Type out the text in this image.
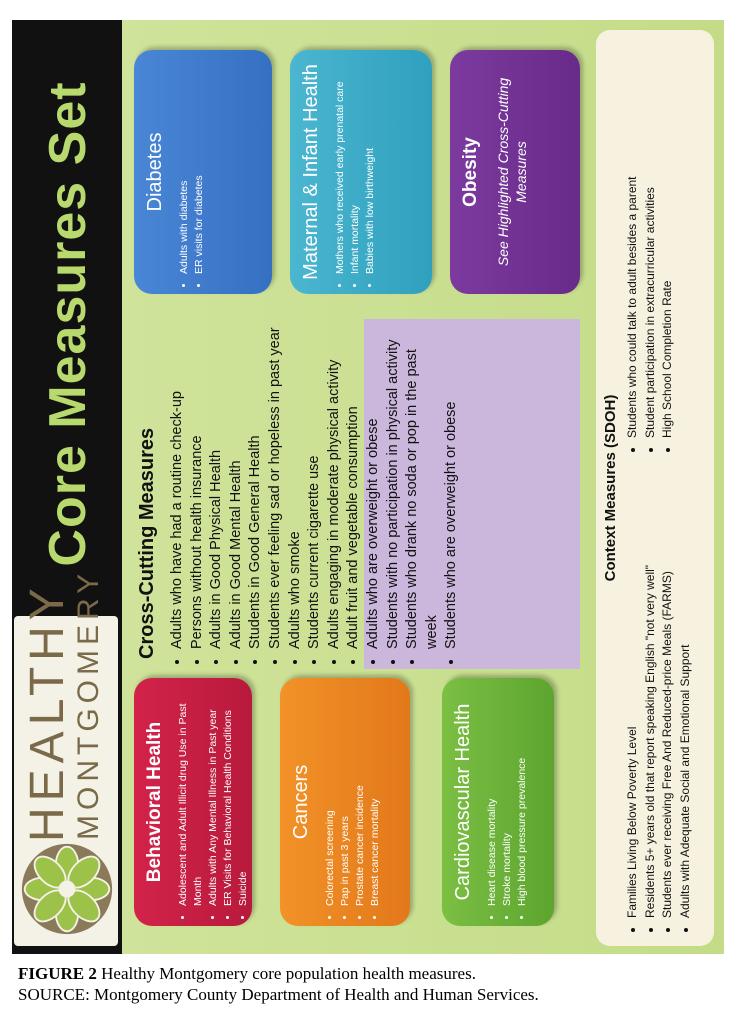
HEALTHY
MONTGOMERY
Core Measures Set
Behavioral Health • Adolescent and Adult Illicit drug Use in Past Month • Adults with Any Mental Illness in Past year • ER Visits for Behavioral Health Conditions • Suicide
Cancers
• Colorectal screening • Pap in past 3 years • Prostate cancer incidence • Breast cancer mortality	Cardiovascular Health • Heart disease mortality • Stroke mortality • High blood pressure prevalence
Cross-Cutting Measures • Adults who have had a routine check-up • Persons without health insurance • Adults in Good Physical Health • Adults in Good Mental Health • Students in Good General Health • Students ever feeling sad or hopeless in past year • Adults who smoke • Students current cigarette use • Adults engaging in moderate physical activity • Adult fruit and vegetable consumption • Adults who are overweight or obese • Students with no participation in physical activity • Students who drank no soda or pop in the past week • Students who are overweight or obese
Diabetes
• Adults with diabetes • ER visits for diabetes	Maternal & Infant Health • Mothers who received early prenatal care • Infant mortality • Babies with low birthweight	Obesity See Highlighted Cross-Cutting Measures

Context Measures (SDOH)
• Families Living Below Poverty Level • Residents 5+ years old that report speaking English "not very well" • Students ever receiving Free And Reduced-price Meals (FARMS) • Adults with Adequate Social and Emotional Support
• Students who could talk to adult besides a parent • Student participation in extracurricular activities • High School Completion Rate
FIGURE 2 Healthy Montgomery core population health measures.
SOURCE: Montgomery County Department of Health and Human Services.
